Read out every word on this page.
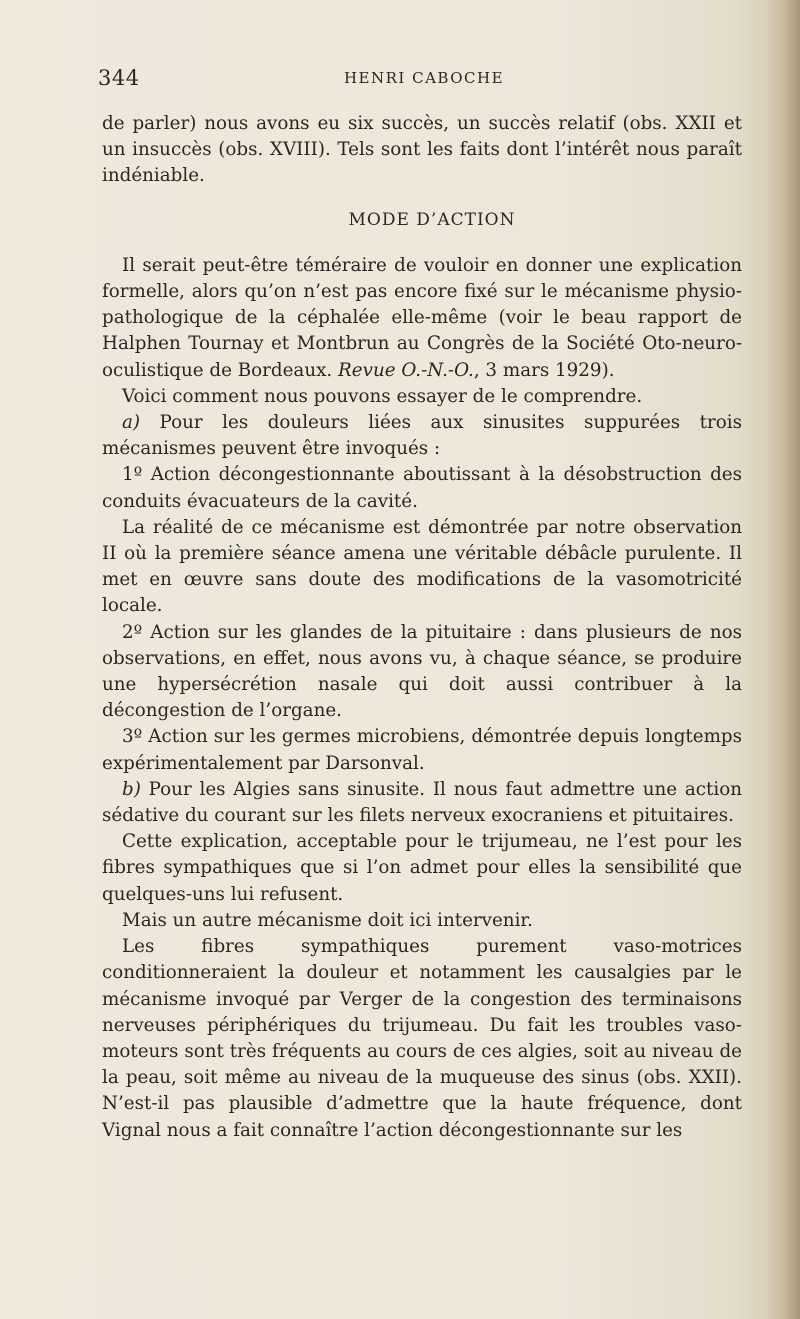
344	HENRI CABOCHE

de parler) nous avons eu six succès, un succès relatif (obs. XXII et un insuccès (obs. XVIII). Tels sont les faits dont l’intérêt nous paraît indéniable.

MODE D’ACTION

Il serait peut-être téméraire de vouloir en donner une explication formelle, alors qu’on n’est pas encore fixé sur le mécanisme physio-pathologique de la céphalée elle-même (voir le beau rapport de Halphen Tournay et Montbrun au Congrès de la Société Oto-neuro-oculistique de Bordeaux. Revue O.-N.-O., 3 mars 1929).

Voici comment nous pouvons essayer de le comprendre.

a) Pour les douleurs liées aux sinusites suppurées trois mécanismes peuvent être invoqués :

1º Action décongestionnante aboutissant à la désobstruction des conduits évacuateurs de la cavité.

La réalité de ce mécanisme est démontrée par notre observation II où la première séance amena une véritable débâcle purulente. Il met en œuvre sans doute des modifications de la vasomotricité locale.

2º Action sur les glandes de la pituitaire : dans plusieurs de nos observations, en effet, nous avons vu, à chaque séance, se produire une hypersécrétion nasale qui doit aussi contribuer à la décongestion de l’organe.

3º Action sur les germes microbiens, démontrée depuis longtemps expérimentalement par Darsonval.

b) Pour les Algies sans sinusite. Il nous faut admettre une action sédative du courant sur les filets nerveux exocraniens et pituitaires.

Cette explication, acceptable pour le trijumeau, ne l’est pour les fibres sympathiques que si l’on admet pour elles la sensibilité que quelques-uns lui refusent.

Mais un autre mécanisme doit ici intervenir.

Les fibres sympathiques purement vaso-motrices conditionneraient la douleur et notamment les causalgies par le mécanisme invoqué par Verger de la congestion des terminaisons nerveuses périphériques du trijumeau. Du fait les troubles vaso-moteurs sont très fréquents au cours de ces algies, soit au niveau de la peau, soit même au niveau de la muqueuse des sinus (obs. XXII). N’est-il pas plausible d’admettre que la haute fréquence, dont Vignal nous a fait connaître l’action décongestionnante sur les
